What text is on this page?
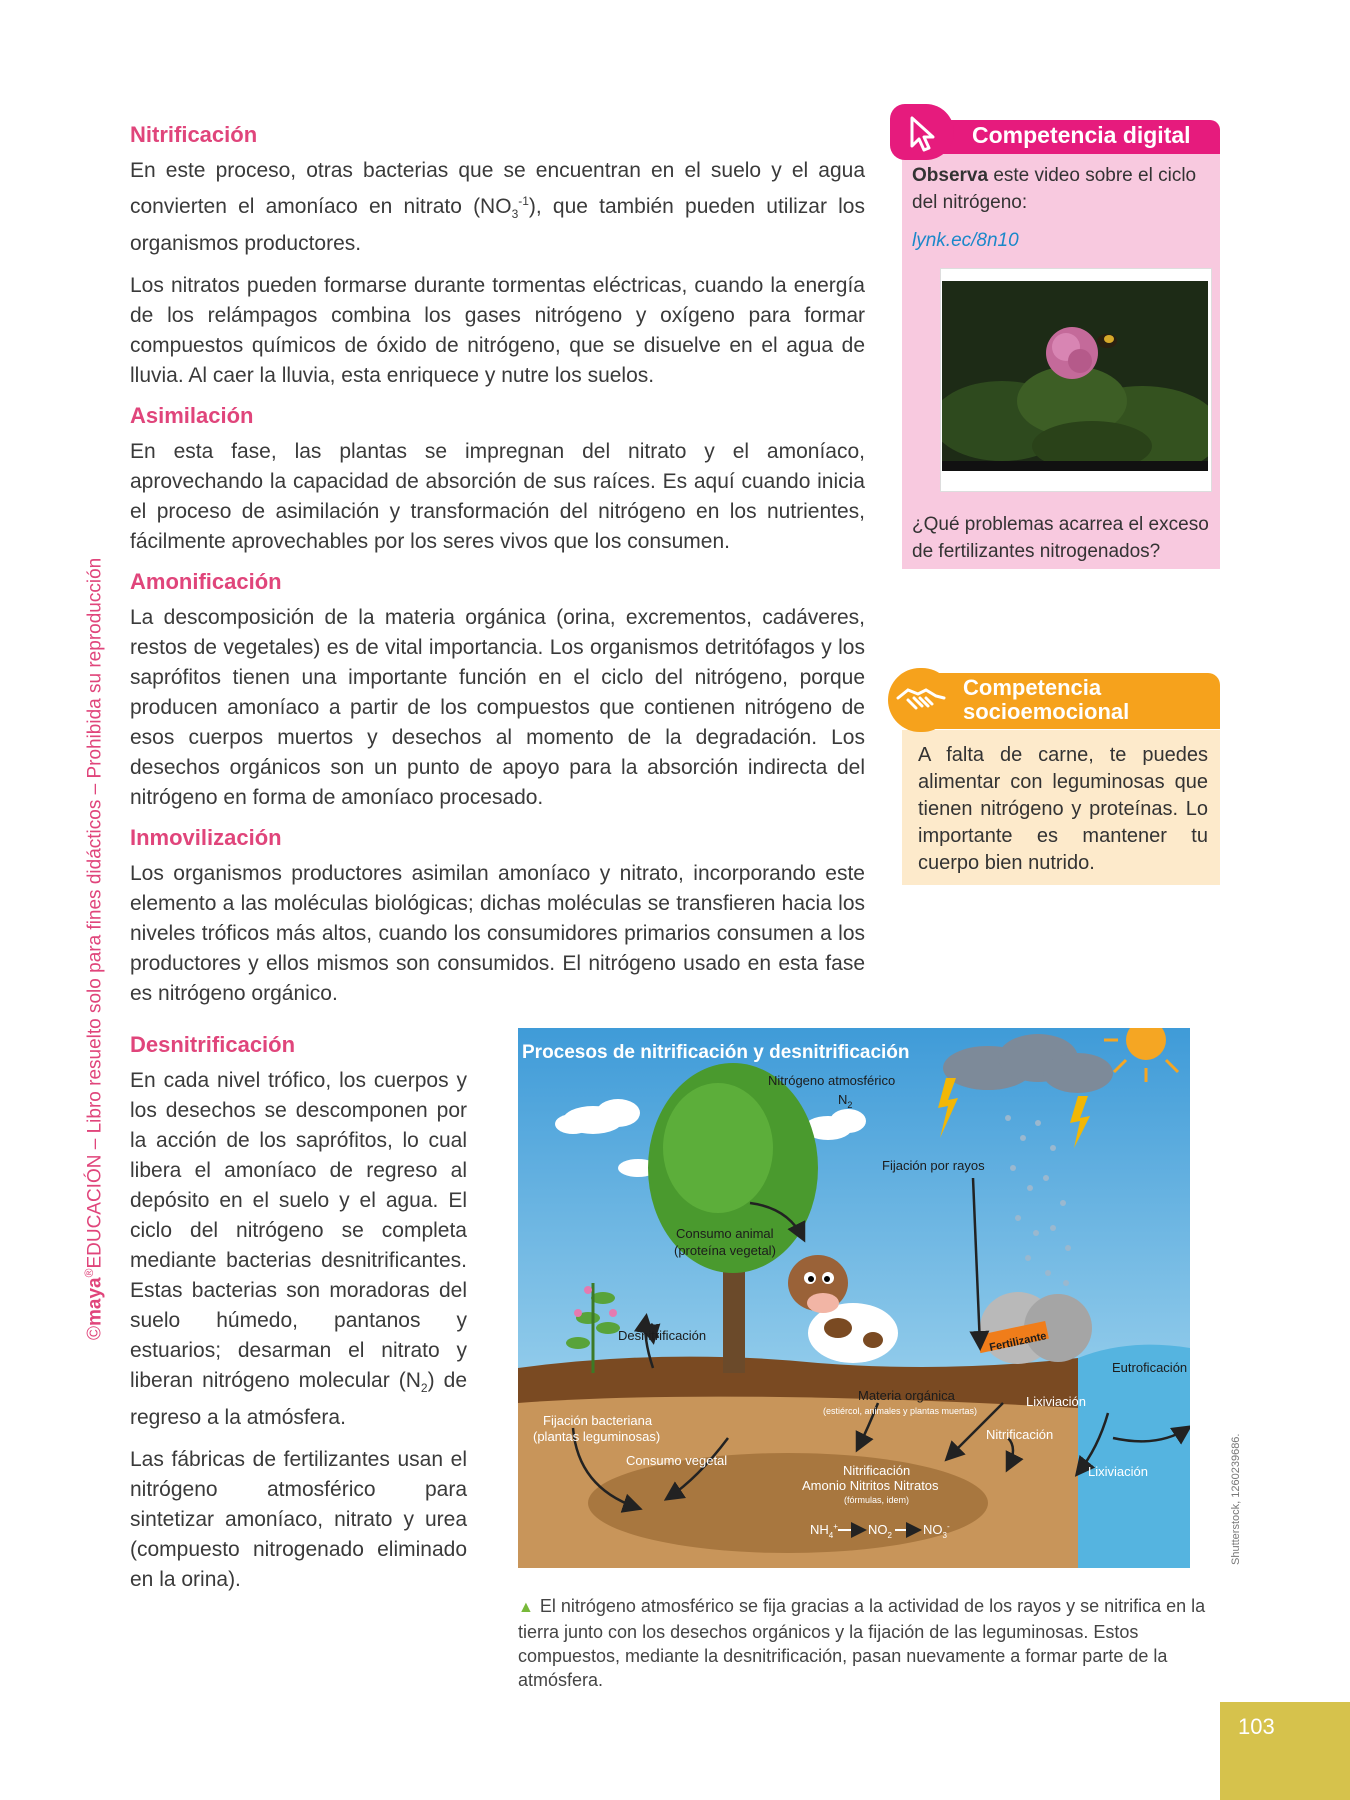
©maya®EDUCACIÓN – Libro resuelto solo para fines didácticos – Prohibida su reproducción
Nitrificación

En este proceso, otras bacterias que se encuentran en el suelo y el agua convierten el amoníaco en nitrato $(NO_3^{-1})$, que también pueden utilizar los organismos productores.

Los nitratos pueden formarse durante tormentas eléctricas, cuando la energía de los relámpagos combina los gases nitrógeno y oxígeno para formar compuestos químicos de óxido de nitrógeno, que se disuelve en el agua de lluvia. Al caer la lluvia, esta enriquece y nutre los suelos.

Asimilación

En esta fase, las plantas se impregnan del nitrato y el amoníaco, aprovechando la capacidad de absorción de sus raíces. Es aquí cuando inicia el proceso de asimilación y transformación del nitrógeno en los nutrientes, fácilmente aprovechables por los seres vivos que los consumen.

Amonificación

La descomposición de la materia orgánica (orina, excrementos, cadáveres, restos de vegetales) es de vital importancia. Los organismos detritófagos y los saprófitos tienen una importante función en el ciclo del nitrógeno, porque producen amoníaco a partir de los compuestos que contienen nitrógeno de esos cuerpos muertos y desechos al momento de la degradación. Los desechos orgánicos son un punto de apoyo para la absorción indirecta del nitrógeno en forma de amoníaco procesado.

Inmovilización

Los organismos productores asimilan amoníaco y nitrato, incorporando este elemento a las moléculas biológicas; dichas moléculas se transfieren hacia los niveles tróficos más altos, cuando los consumidores primarios consumen a los productores y ellos mismos son consumidos. El nitrógeno usado en esta fase es nitrógeno orgánico.

Desnitrificación

En cada nivel trófico, los cuerpos y los desechos se descomponen por la acción de los saprófitos, lo cual libera el amoníaco de regreso al depósito en el suelo y el agua. El ciclo del nitrógeno se completa mediante bacterias desnitrificantes. Estas bacterias son moradoras del suelo húmedo, pantanos y estuarios; desarman el nitrato y liberan nitrógeno molecular $(N_2)$ de regreso a la atmósfera.

Las fábricas de fertilizantes usan el nitrógeno atmosférico para sintetizar amoníaco, nitrato y urea (compuesto nitrogenado eliminado en la orina).

Competencia digital
Observa este video sobre el ciclo del nitrógeno:
lynk.ec/8n10
¿Qué problemas acarrea el exceso de fertilizantes nitrogenados?
Competencia
socioemocional
A falta de carne, te puedes alimentar con leguminosas que tienen nitrógeno y proteínas. Lo importante es mantener tu cuerpo bien nutrido.
Procesos de nitrificación y desnitrificación
Nitrógeno atmosférico
$N_2$
Fijación por rayos
Consumo animal
(proteína vegetal)
Desnitrificación
Eutroficación
Materia orgánica
Fertilizante
(estiércol, animales y plantas muertas)
Lixiviación
Nitrificación
Fijación bacteriana
(plantas leguminosas)
Consumo vegetal
Lixiviación
Nitrificación
Amonio Nitritos Nitratos
(fórmulas, idem)
$NH_4^+$ $NO_2$ $NO_3^-$	Shutterstock, 1260239686.
▲ El nitrógeno atmosférico se fija gracias a la actividad de los rayos y se nitrifica en la tierra junto con los desechos orgánicos y la fijación de las leguminosas. Estos compuestos, mediante la desnitrificación, pasan nuevamente a formar parte de la atmósfera.
103
